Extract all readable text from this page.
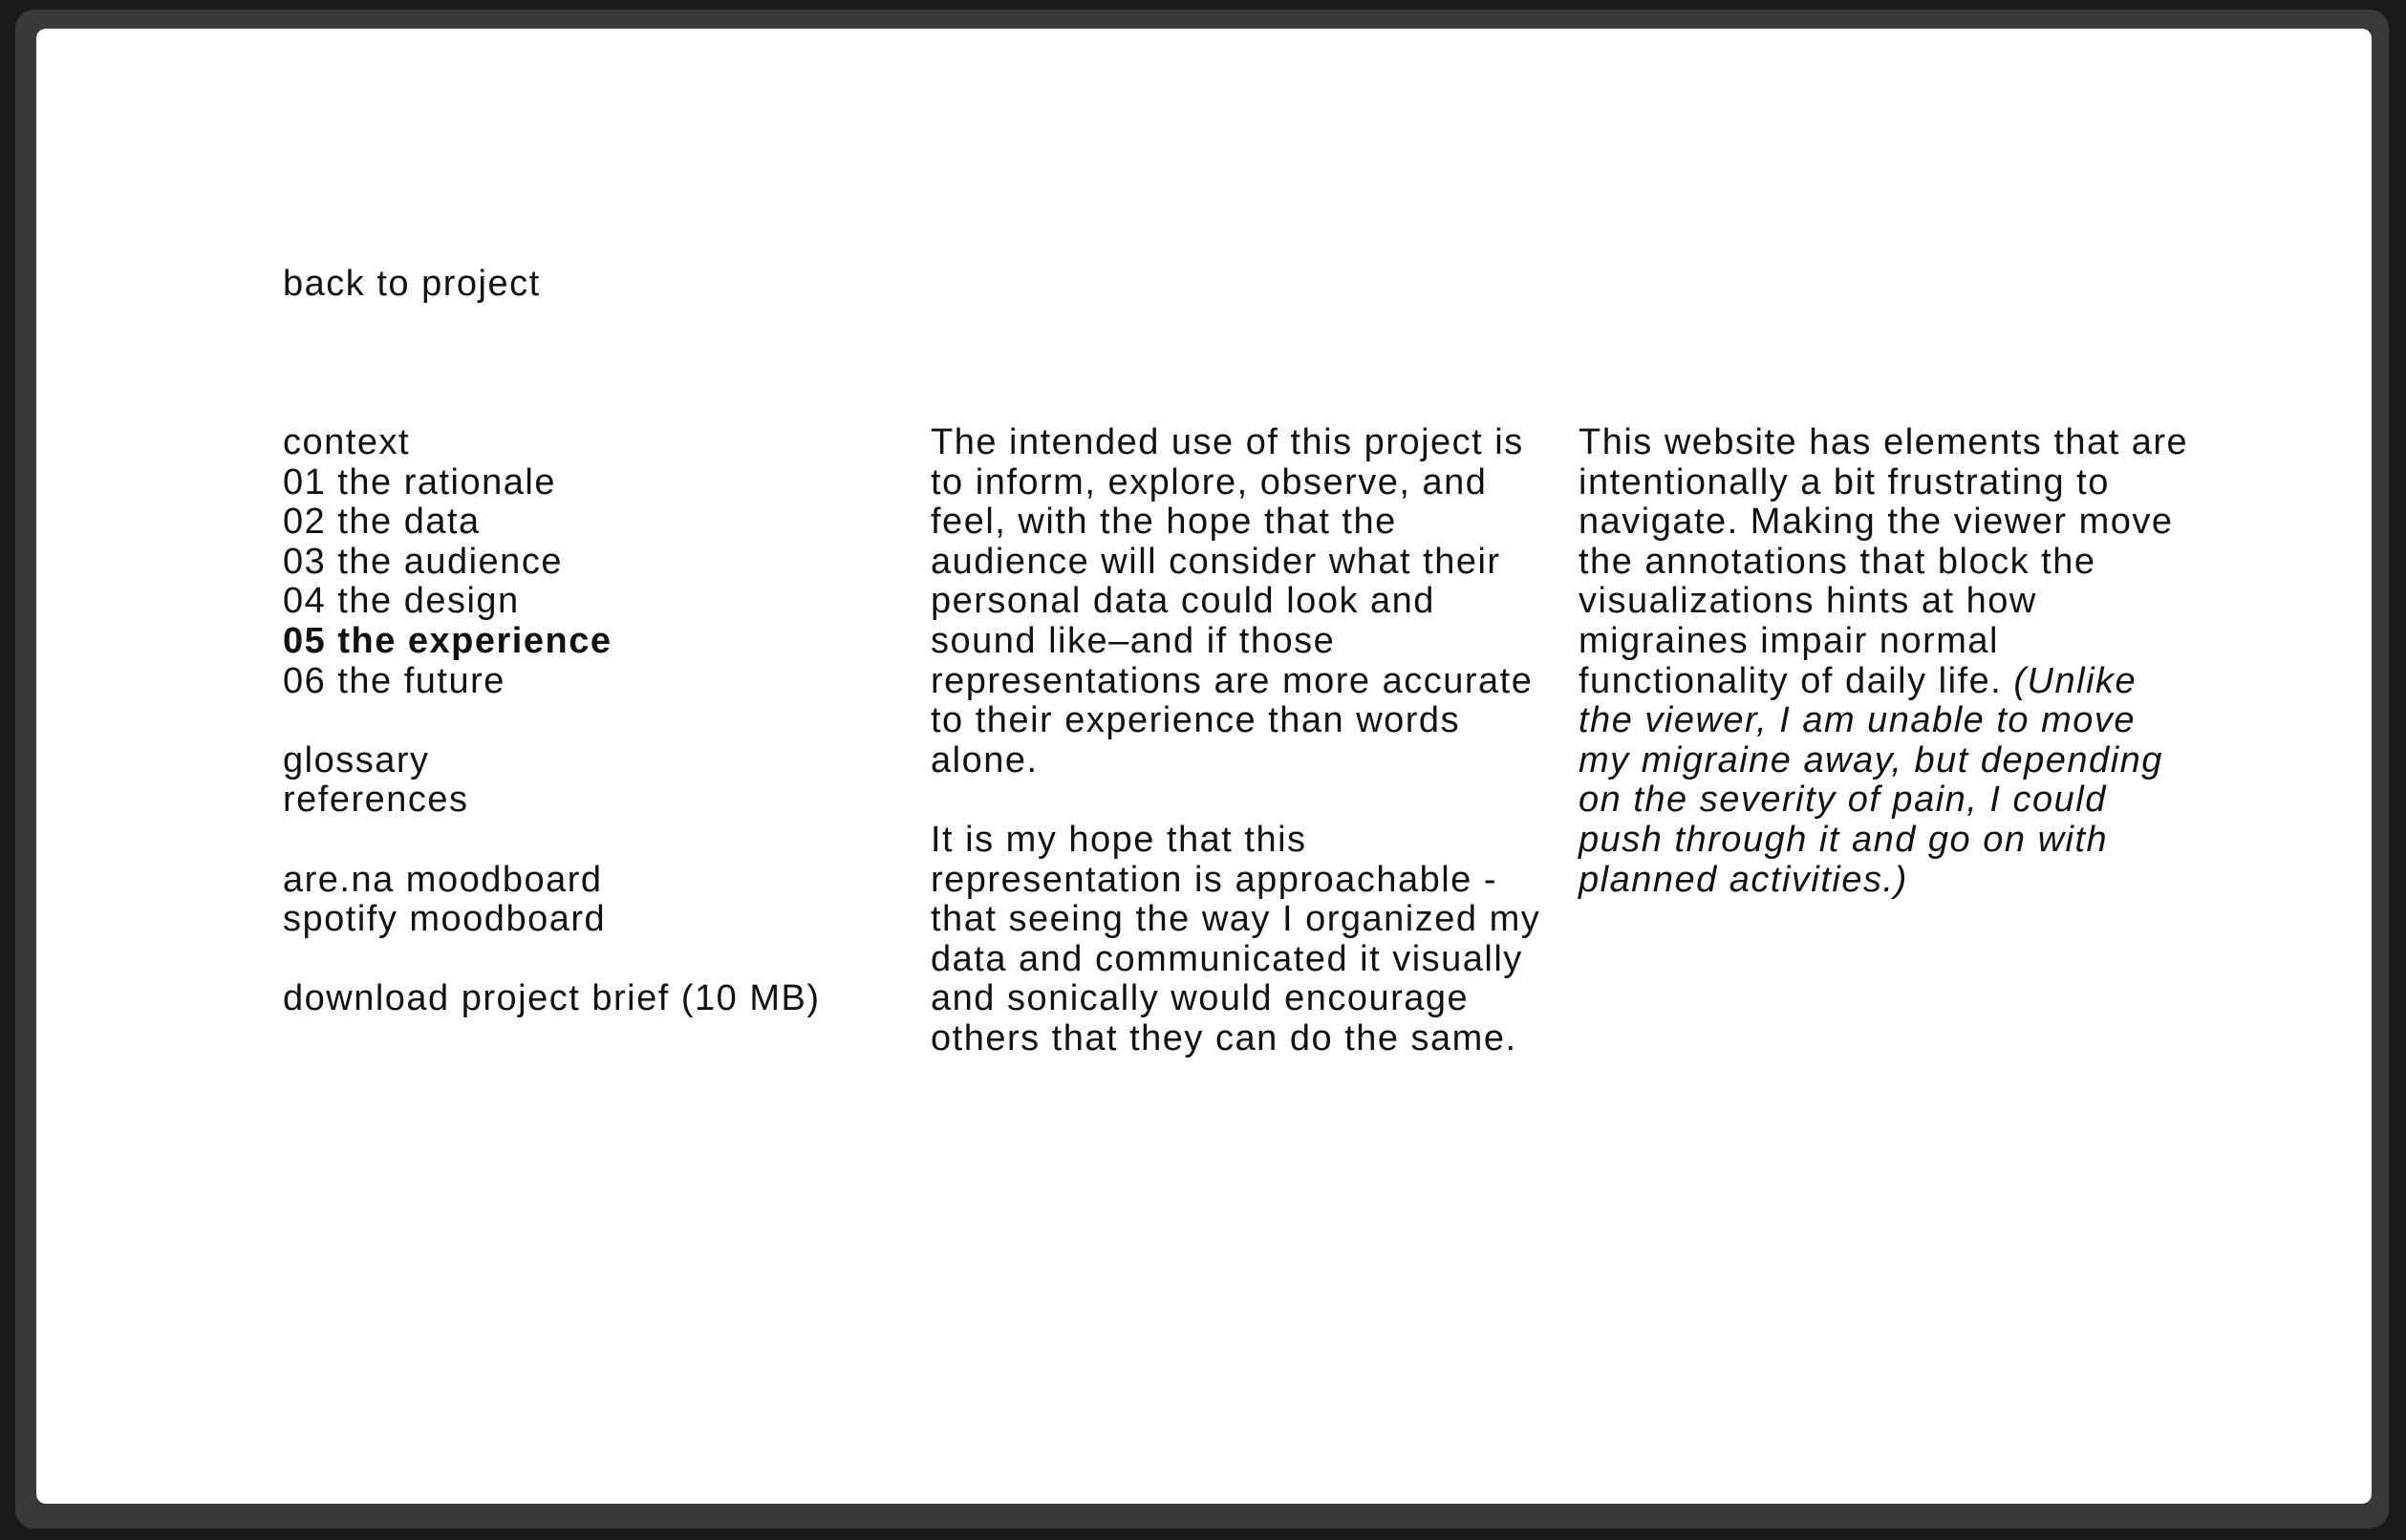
back to project
context
01 the rationale
02 the data
03 the audience
04 the design
05 the experience
06 the future
glossary
references
are.na moodboard
spotify moodboard
download project brief (10 MB)

The intended use of this project is to inform, explore, observe, and feel, with the hope that the audience will consider what their personal data could look and sound like–and if those representations are more accurate to their experience than words alone.

It is my hope that this representation is approachable - that seeing the way I organized my data and communicated it visually and sonically would encourage others that they can do the same.

This website has elements that are intentionally a bit frustrating to navigate. Making the viewer move the annotations that block the visualizations hints at how migraines impair normal functionality of daily life. (Unlike the viewer, I am unable to move my migraine away, but depending on the severity of pain, I could push through it and go on with planned activities.)
